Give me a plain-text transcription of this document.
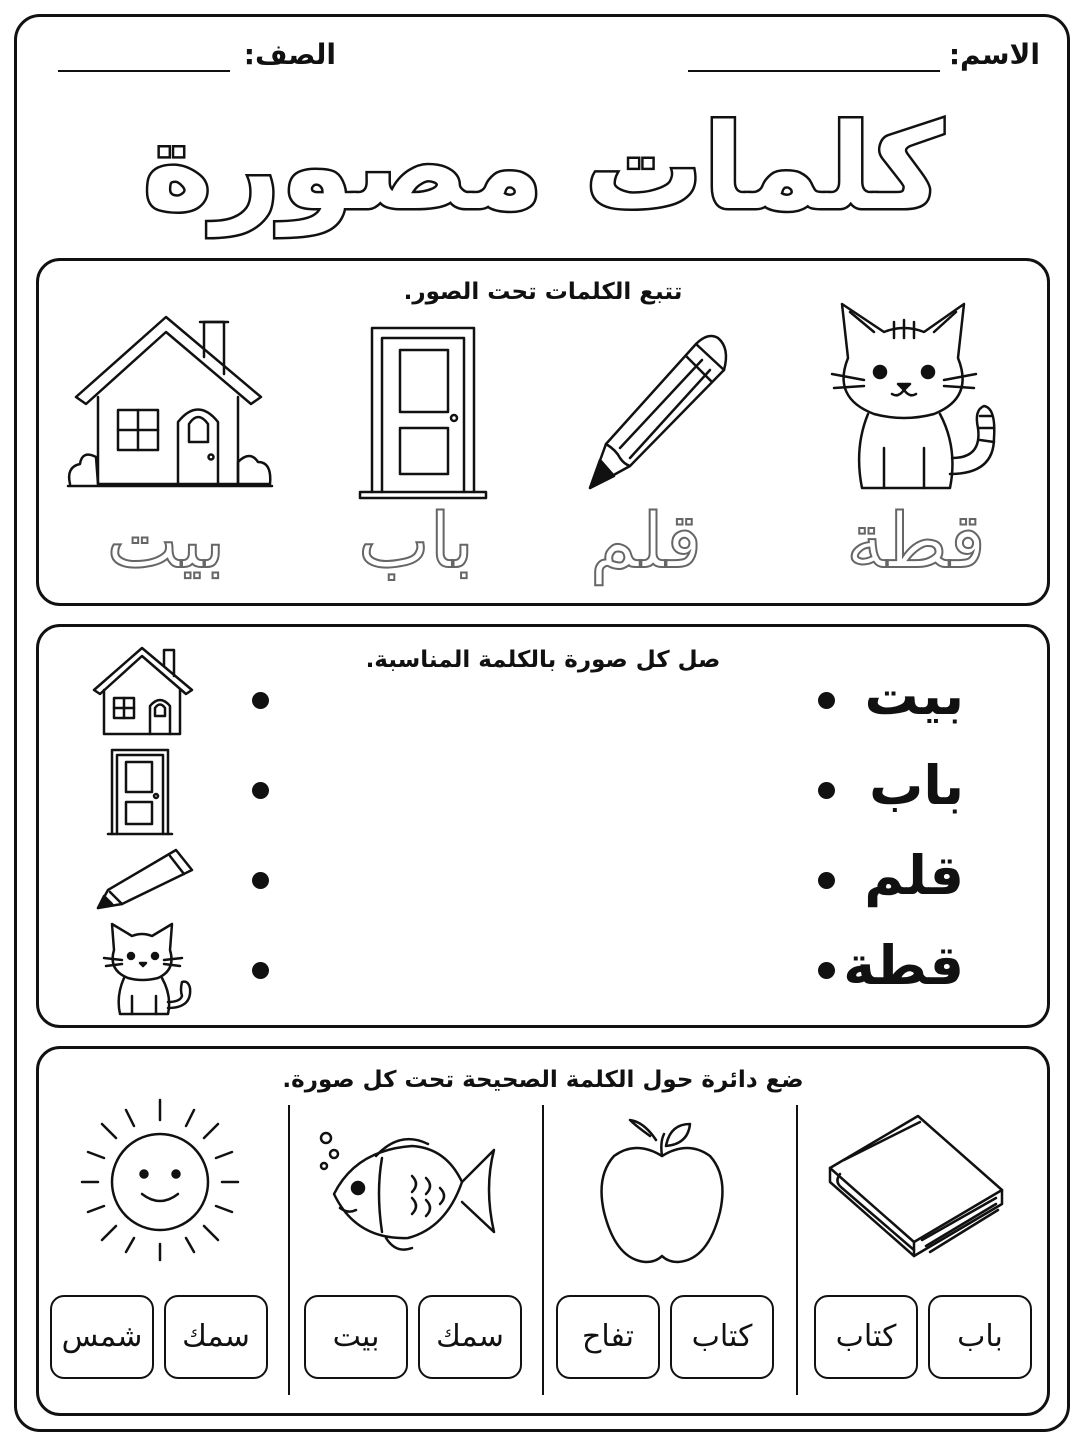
الاسم:
الصف:
كلمات مصورة
تتبع الكلمات تحت الصور.
قطة
قلم
باب
بيت
صل كل صورة بالكلمة المناسبة.
بيت
باب
قلم
قطة
ضع دائرة حول الكلمة الصحيحة تحت كل صورة.
باب
كتاب
كتاب
تفاح
سمك
بيت
سمك
شمس
